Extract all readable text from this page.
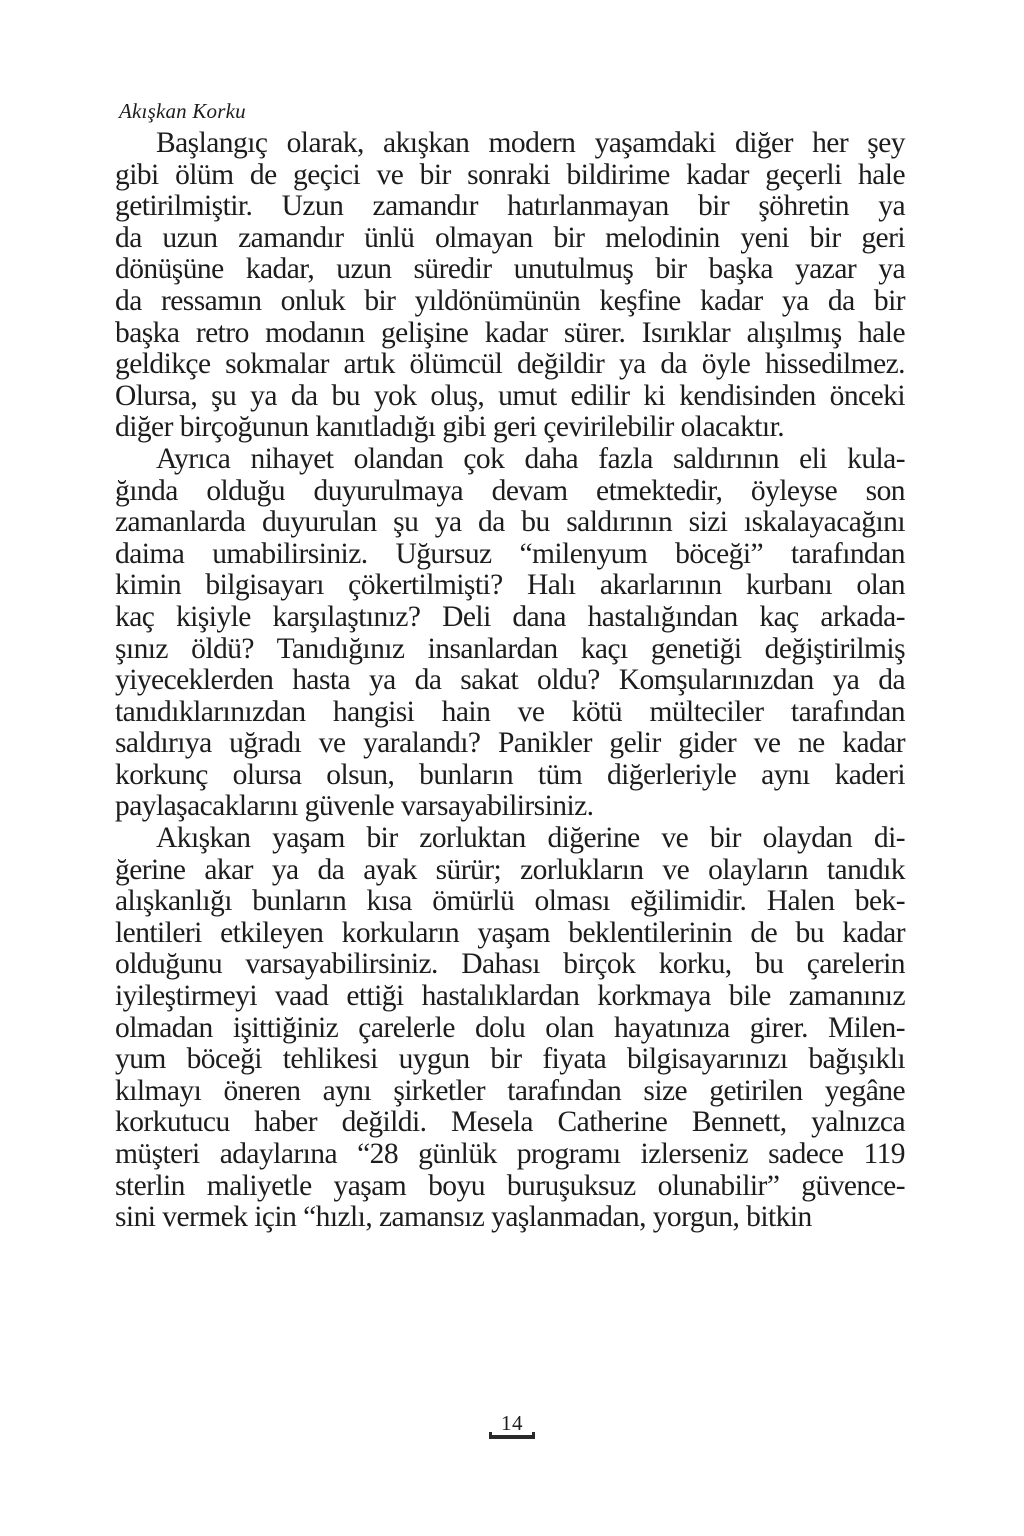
Akışkan Korku
Başlangıç olarak, akışkan modern yaşamdaki diğer her şey
gibi ölüm de geçici ve bir sonraki bildirime kadar geçerli hale
getirilmiştir. Uzun zamandır hatırlanmayan bir şöhretin ya
da uzun zamandır ünlü olmayan bir melodinin yeni bir geri
dönüşüne kadar, uzun süredir unutulmuş bir başka yazar ya
da ressamın onluk bir yıldönümünün keşfine kadar ya da bir
başka retro modanın gelişine kadar sürer. Isırıklar alışılmış hale
geldikçe sokmalar artık ölümcül değildir ya da öyle hissedilmez.
Olursa, şu ya da bu yok oluş, umut edilir ki kendisinden önceki
diğer birçoğunun kanıtladığı gibi geri çevirilebilir olacaktır.
Ayrıca nihayet olandan çok daha fazla saldırının eli kula-
ğında olduğu duyurulmaya devam etmektedir, öyleyse son
zamanlarda duyurulan şu ya da bu saldırının sizi ıskalayacağını
daima umabilirsiniz. Uğursuz “milenyum böceği” tarafından
kimin bilgisayarı çökertilmişti? Halı akarlarının kurbanı olan
kaç kişiyle karşılaştınız? Deli dana hastalığından kaç arkada-
şınız öldü? Tanıdığınız insanlardan kaçı genetiği değiştirilmiş
yiyeceklerden hasta ya da sakat oldu? Komşularınızdan ya da
tanıdıklarınızdan hangisi hain ve kötü mülteciler tarafından
saldırıya uğradı ve yaralandı? Panikler gelir gider ve ne kadar
korkunç olursa olsun, bunların tüm diğerleriyle aynı kaderi
paylaşacaklarını güvenle varsayabilirsiniz.
Akışkan yaşam bir zorluktan diğerine ve bir olaydan di-
ğerine akar ya da ayak sürür; zorlukların ve olayların tanıdık
alışkanlığı bunların kısa ömürlü olması eğilimidir. Halen bek-
lentileri etkileyen korkuların yaşam beklentilerinin de bu kadar
olduğunu varsayabilirsiniz. Dahası birçok korku, bu çarelerin
iyileştirmeyi vaad ettiği hastalıklardan korkmaya bile zamanınız
olmadan işittiğiniz çarelerle dolu olan hayatınıza girer. Milen-
yum böceği tehlikesi uygun bir fiyata bilgisayarınızı bağışıklı
kılmayı öneren aynı şirketler tarafından size getirilen yegâne
korkutucu haber değildi. Mesela Catherine Bennett, yalnızca
müşteri adaylarına “28 günlük programı izlerseniz sadece 119
sterlin maliyetle yaşam boyu buruşuksuz olunabilir” güvence-
sini vermek için “hızlı, zamansız yaşlanmadan, yorgun, bitkin
14
